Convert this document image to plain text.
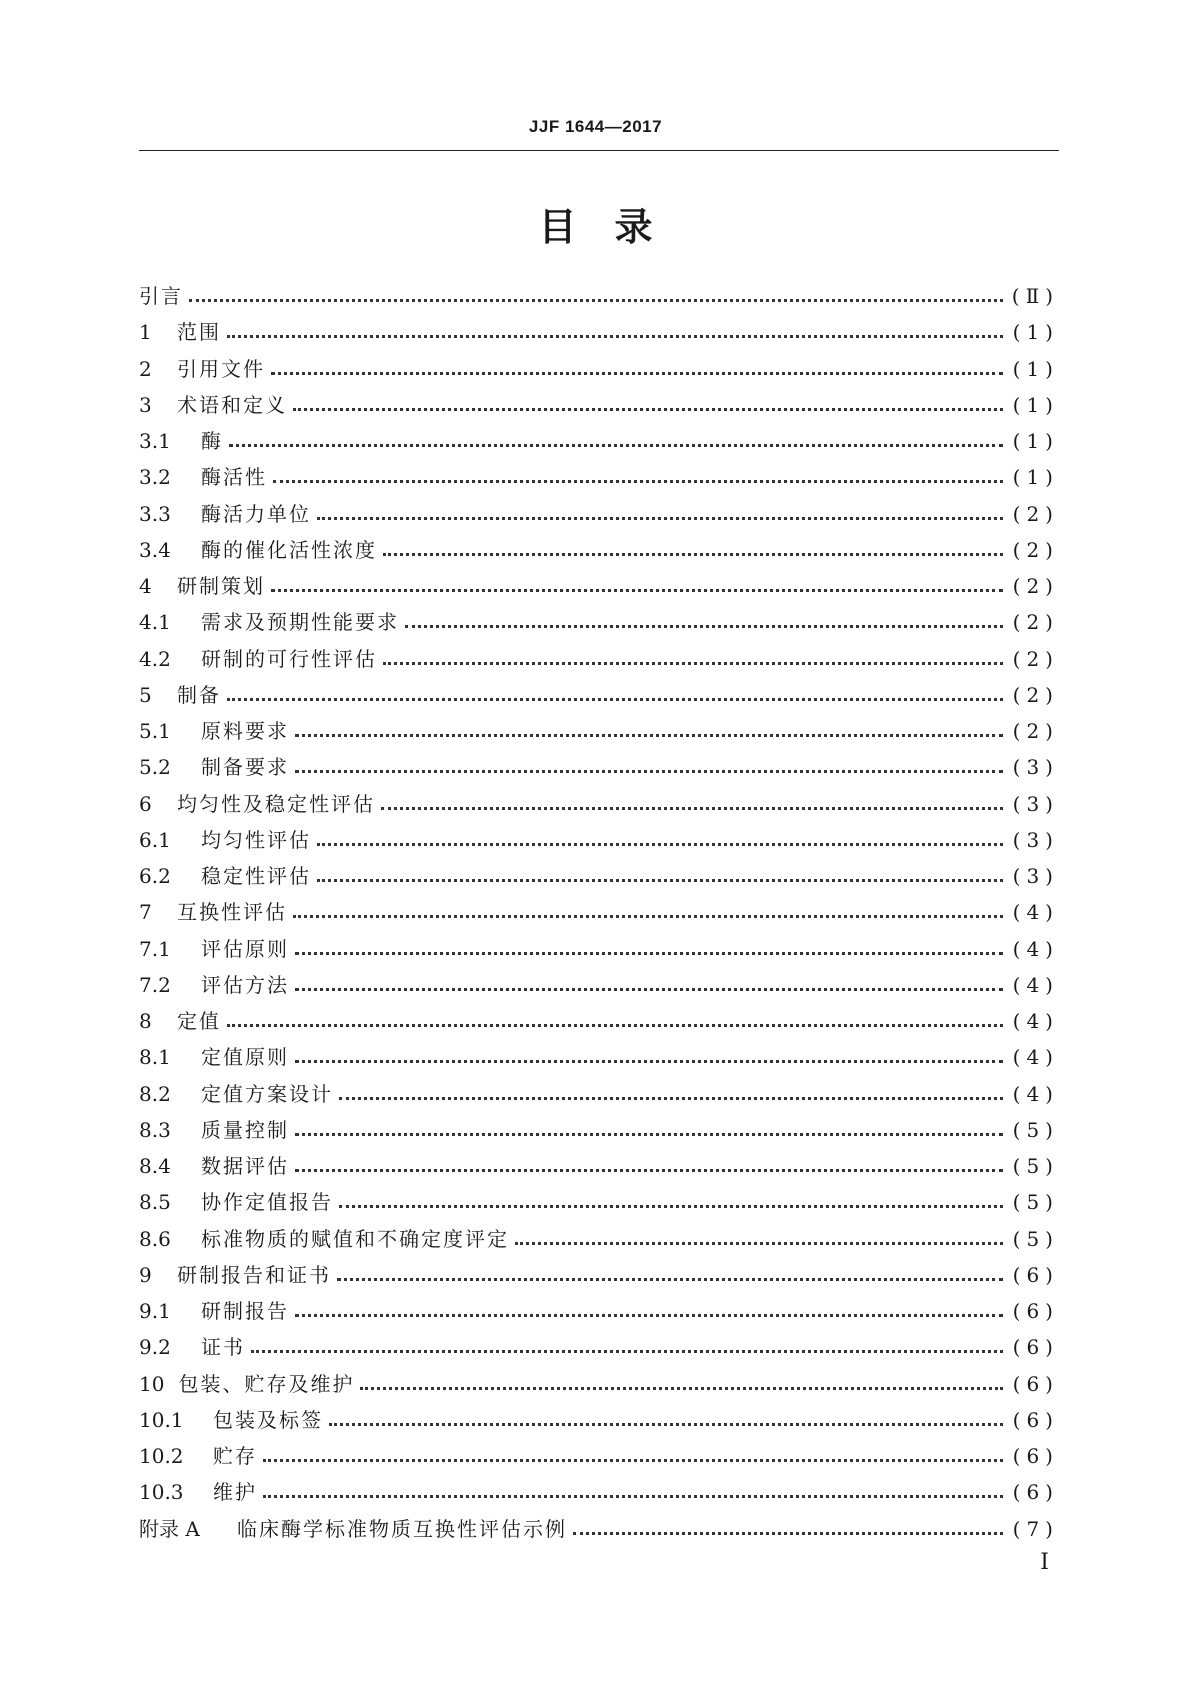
JJF 1644—2017
目　录
引言	(Ⅱ)
1	范围	(1)
2	引用文件	(1)
3	术语和定义	(1)
3.1	酶	(1)
3.2	酶活性	(1)
3.3	酶活力单位	(2)
3.4	酶的催化活性浓度	(2)
4	研制策划	(2)
4.1	需求及预期性能要求	(2)
4.2	研制的可行性评估	(2)
5	制备	(2)
5.1	原料要求	(2)
5.2	制备要求	(3)
6	均匀性及稳定性评估	(3)
6.1	均匀性评估	(3)
6.2	稳定性评估	(3)
7	互换性评估	(4)
7.1	评估原则	(4)
7.2	评估方法	(4)
8	定值	(4)
8.1	定值原则	(4)
8.2	定值方案设计	(4)
8.3	质量控制	(5)
8.4	数据评估	(5)
8.5	协作定值报告	(5)
8.6	标准物质的赋值和不确定度评定	(5)
9	研制报告和证书	(6)
9.1	研制报告	(6)
9.2	证书	(6)
10 包装、贮存及维护	(6)
10.1	包装及标签	(6)
10.2	贮存	(6)
10.3	维护	(6)
附录 A	临床酶学标准物质互换性评估示例	(7)
I
